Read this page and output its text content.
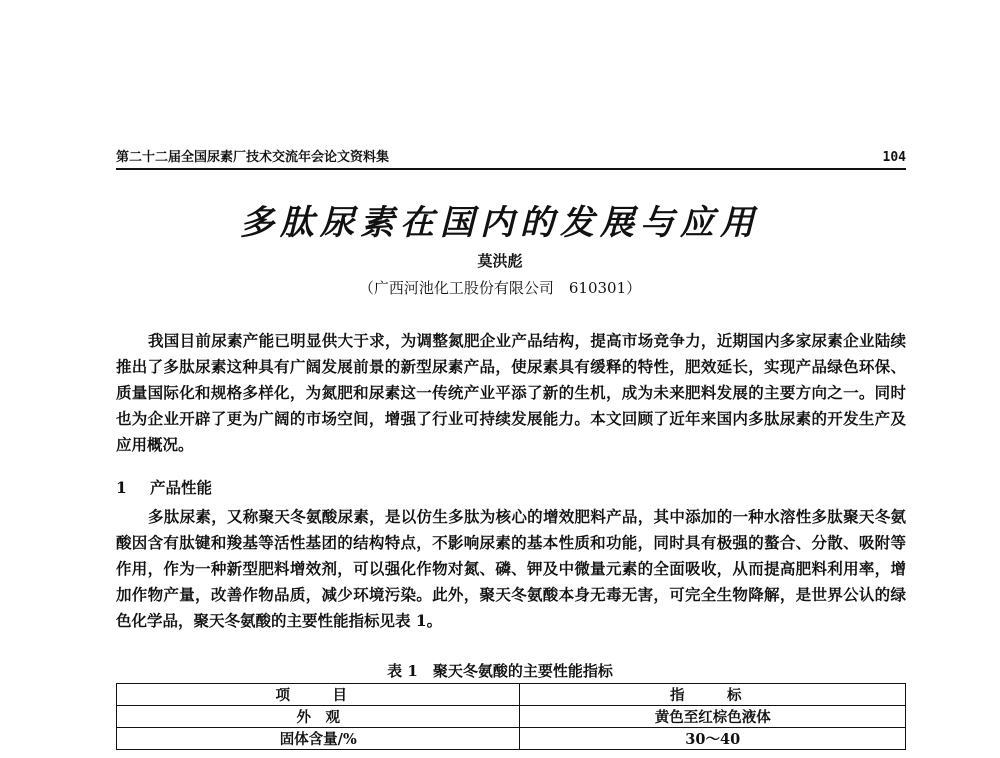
第二十二届全国尿素厂技术交流年会论文资料集	104
多肽尿素在国内的发展与应用
莫洪彪
（广西河池化工股份有限公司　610301）
我国目前尿素产能已明显供大于求，为调整氮肥企业产品结构，提高市场竞争力，近期国内多家尿素企业陆续推出了多肽尿素这种具有广阔发展前景的新型尿素产品，使尿素具有缓释的特性，肥效延长，实现产品绿色环保、质量国际化和规格多样化，为氮肥和尿素这一传统产业平添了新的生机，成为未来肥料发展的主要方向之一。同时也为企业开辟了更为广阔的市场空间，增强了行业可持续发展能力。本文回顾了近年来国内多肽尿素的开发生产及应用概况。
1 产品性能
多肽尿素，又称聚天冬氨酸尿素，是以仿生多肽为核心的增效肥料产品，其中添加的一种水溶性多肽聚天冬氨酸因含有肽键和羧基等活性基团的结构特点，不影响尿素的基本性质和功能，同时具有极强的螯合、分散、吸附等作用，作为一种新型肥料增效剂，可以强化作物对氮、磷、钾及中微量元素的全面吸收，从而提高肥料利用率，增加作物产量，改善作物品质，减少环境污染。此外，聚天冬氨酸本身无毒无害，可完全生物降解，是世界公认的绿色化学品，聚天冬氨酸的主要性能指标见表 1。
表 1　聚天冬氨酸的主要性能指标
项　目	指　标
外　观	黄色至红棕色液体
固体含量/%	30～40
